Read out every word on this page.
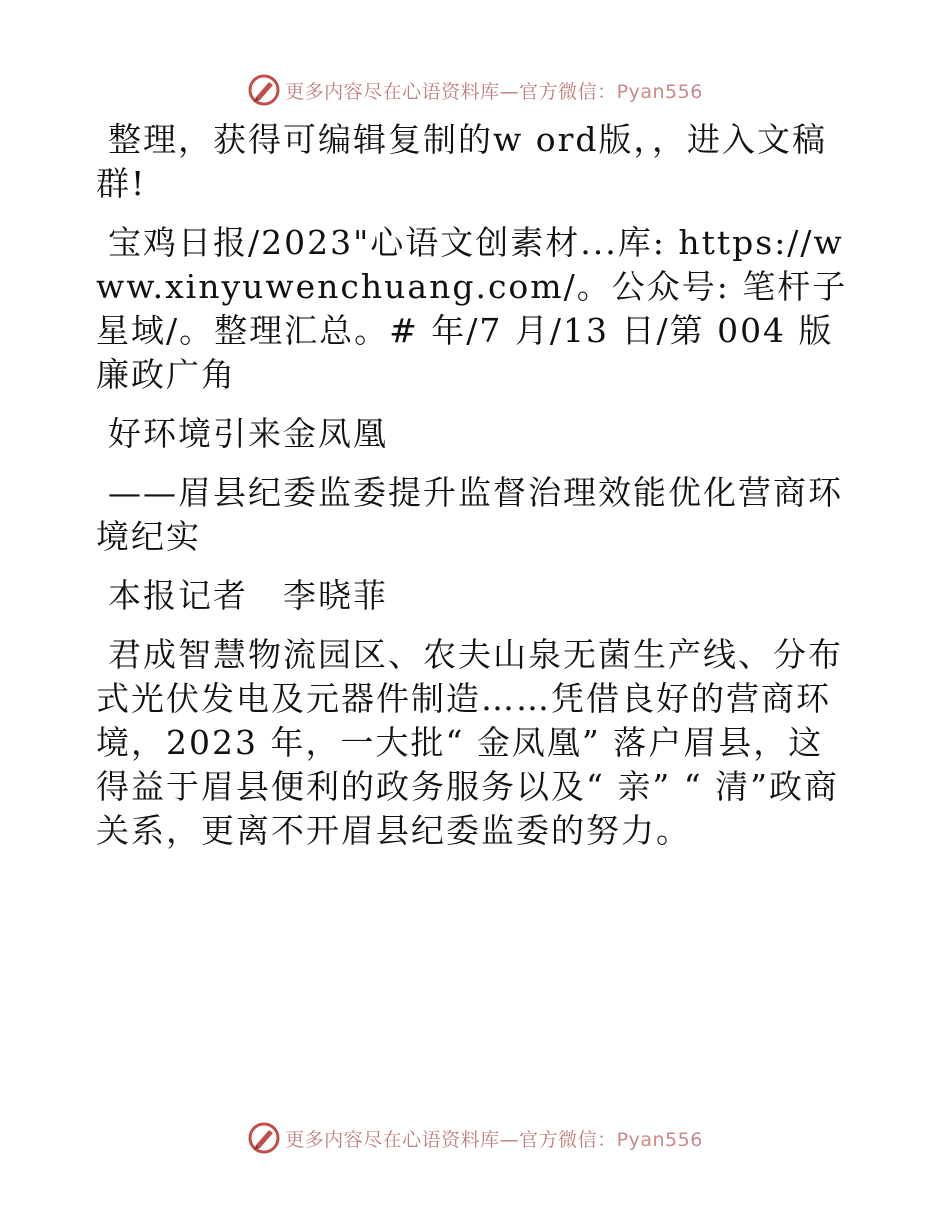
更多内容尽在心语资料库—官方微信：Pyan556

整理，获得可编辑复制的w ord版，，进入文稿群!

宝鸡日报/2023"心语文创素材...库: https://www.xinyuwenchuang.com/。公众号: 笔杆子星域/。整理汇总。# 年/7 月/13 日/第 004 版廉政广角

好环境引来金凤凰

——眉县纪委监委提升监督治理效能优化营商环境纪实

本报记者　李晓菲

君成智慧物流园区、农夫山泉无菌生产线、分布式光伏发电及元器件制造……凭借良好的营商环境，2023 年，一大批“ 金凤凰” 落户眉县，这得益于眉县便利的政务服务以及“ 亲” “ 清”政商关系，更离不开眉县纪委监委的努力。

更多内容尽在心语资料库—官方微信：Pyan556
